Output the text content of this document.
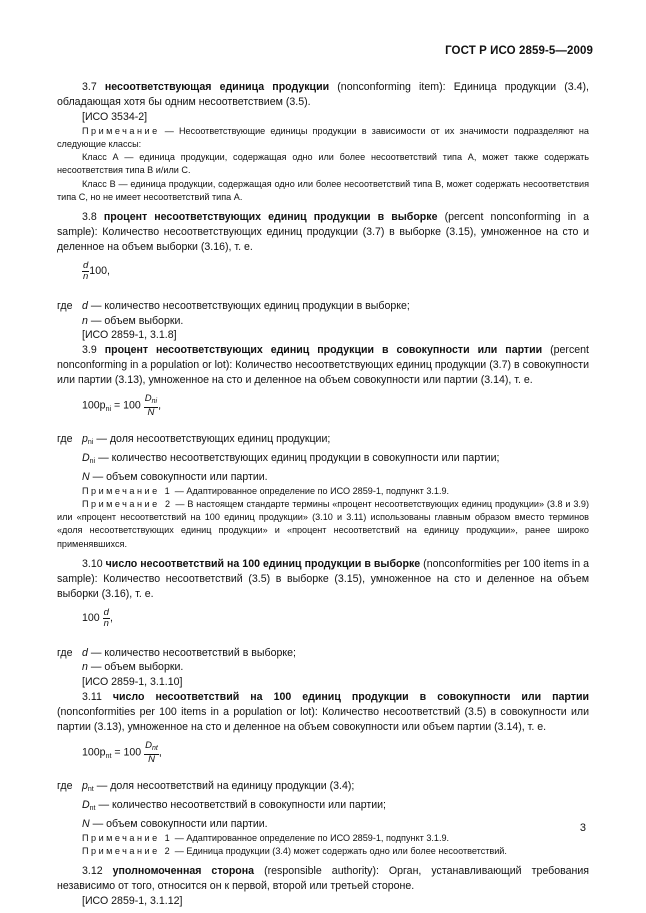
ГОСТ Р ИСО 2859-5—2009

3.7 несоответствующая единица продукции (nonconforming item): Единица продукции (3.4), обладающая хотя бы одним несоответствием (3.5).

[ИСО 3534-2]

Примечание — Несоответствующие единицы продукции в зависимости от их значимости подразделяют на следующие классы:

Класс А — единица продукции, содержащая одно или более несоответствий типа А, может также содержать несоответствия типа В и/или С.

Класс В — единица продукции, содержащая одно или более несоответствий типа В, может содержать несоответствия типа С, но не имеет несоответствий типа А.

3.8 процент несоответствующих единиц продукции в выборке (percent nonconforming in a sample): Количество несоответствующих единиц продукции (3.7) в выборке (3.15), умноженное на сто и деленное на объем выборки (3.16), т. е.

$\frac{d}{n} 100$,
где d — количество несоответствующих единиц продукции в выборке;

n — объем выборки.

[ИСО 2859-1, 3.1.8]

3.9 процент несоответствующих единиц продукции в совокупности или партии (percent nonconforming in a population or lot): Количество несоответствующих единиц продукции (3.7) в совокупности или партии (3.13), умноженное на сто и деленное на объем совокупности или партии (3.14), т. е.

$100p_{ni} = 100 \frac{D_{ni}}{N}$ ,
где $p_{ni}$ — доля несоответствующих единиц продукции;

$D_{ni}$ — количество несоответствующих единиц продукции в совокупности или партии;

N — объем совокупности или партии.

Примечание 1 — Адаптированное определение по ИСО 2859-1, подпункт 3.1.9.

Примечание 2 — В настоящем стандарте термины «процент несоответствующих единиц продукции» (3.8 и 3.9) или «процент несоответствий на 100 единиц продукции» (3.10 и 3.11) использованы главным образом вместо терминов «доля несоответствующих единиц продукции» и «процент несоответствий на единицу продукции», ранее широко применявшихся.

3.10 число несоответствий на 100 единиц продукции в выборке (nonconformities per 100 items in a sample): Количество несоответствий (3.5) в выборке (3.15), умноженное на сто и деленное на объем выборки (3.16), т. е.

$100 \frac{d}{n}$ ,
где d — количество несоответствий в выборке;

n — объем выборки.

[ИСО 2859-1, 3.1.10]

3.11 число несоответствий на 100 единиц продукции в совокупности или партии (nonconformities per 100 items in a population or lot): Количество несоответствий (3.5) в совокупности или партии (3.13), умноженное на сто и деленное на объем совокупности или объем партии (3.14), т. е.

$100p_{nt} = 100 \frac{D_{nt}}{N}$ ,
где $p_{nt}$ — доля несоответствий на единицу продукции (3.4);

$D_{nt}$ — количество несоответствий в совокупности или партии;

N — объем совокупности или партии.

Примечание 1 — Адаптированное определение по ИСО 2859-1, подпункт 3.1.9.

Примечание 2 — Единица продукции (3.4) может содержать одно или более несоответствий.

3.12 уполномоченная сторона (responsible authority): Орган, устанавливающий требования независимо от того, относится он к первой, второй или третьей стороне.

[ИСО 2859-1, 3.1.12]

3
